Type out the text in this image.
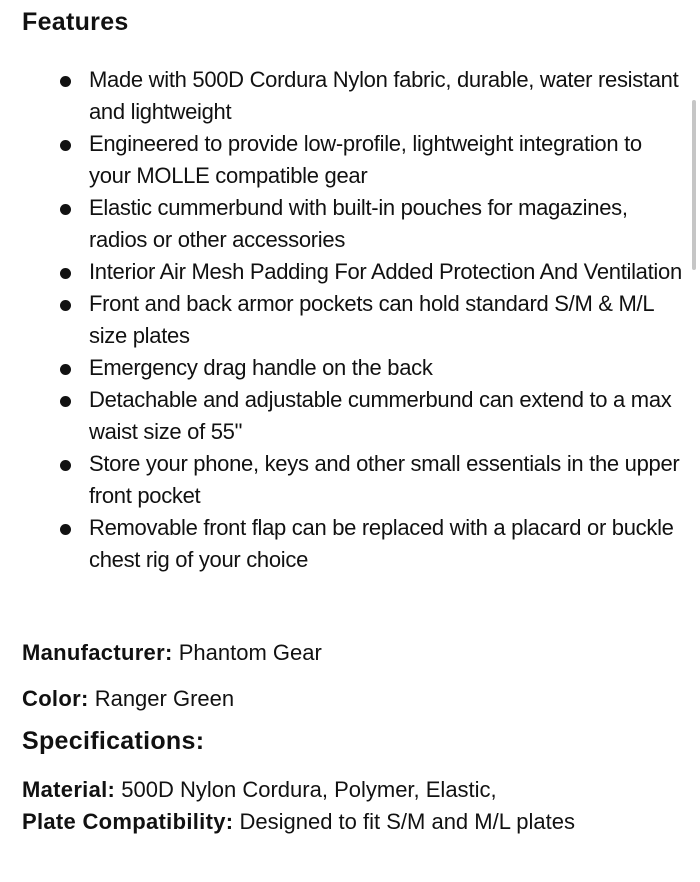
Features
Made with 500D Cordura Nylon fabric, durable, water resistant and lightweight
Engineered to provide low-profile, lightweight integration to your MOLLE compatible gear
Elastic cummerbund with built-in pouches for magazines, radios or other accessories
Interior Air Mesh Padding For Added Protection And Ventilation
Front and back armor pockets can hold standard S/M & M/L size plates
Emergency drag handle on the back
Detachable and adjustable cummerbund can extend to a max waist size of 55"
Store your phone, keys and other small essentials in the upper front pocket
Removable front flap can be replaced with a placard or buckle chest rig of your choice

Manufacturer: Phantom Gear

Color: Ranger Green

Specifications:

Material: 500D Nylon Cordura, Polymer, Elastic,

Plate Compatibility: Designed to fit S/M and M/L plates
